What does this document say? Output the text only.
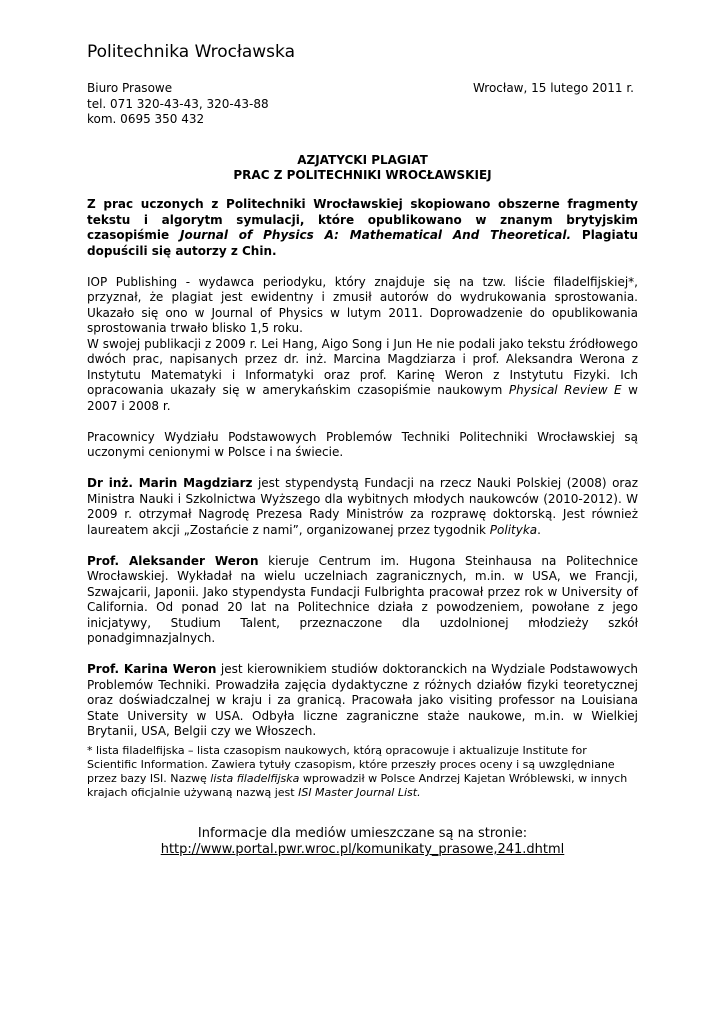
Politechnika Wrocławska
Biuro Prasowe
tel. 071 320-43-43, 320-43-88
kom. 0695 350 432
Wrocław, 15 lutego 2011 r.
AZJATYCKI PLAGIAT
PRAC Z POLITECHNIKI WROCŁAWSKIEJ

Z prac uczonych z Politechniki Wrocławskiej skopiowano obszerne fragmenty tekstu i algorytm symulacji, które opublikowano w znanym brytyjskim czasopiśmie Journal of Physics A: Mathematical And Theoretical. Plagiatu dopuścili się autorzy z Chin.

IOP Publishing - wydawca periodyku, który znajduje się na tzw. liście filadelfijskiej*, przyznał, że plagiat jest ewidentny i zmusił autorów do wydrukowania sprostowania. Ukazało się ono w Journal of Physics w lutym 2011. Doprowadzenie do opublikowania sprostowania trwało blisko 1,5 roku.

W swojej publikacji z 2009 r. Lei Hang, Aigo Song i Jun He nie podali jako tekstu źródłowego dwóch prac, napisanych przez dr. inż. Marcina Magdziarza i prof. Aleksandra Werona z Instytutu Matematyki i Informatyki oraz prof. Karinę Weron z Instytutu Fizyki. Ich opracowania ukazały się w amerykańskim czasopiśmie naukowym Physical Review E w 2007 i 2008 r.

Pracownicy Wydziału Podstawowych Problemów Techniki Politechniki Wrocławskiej są uczonymi cenionymi w Polsce i na świecie.

Dr inż. Marin Magdziarz jest stypendystą Fundacji na rzecz Nauki Polskiej (2008) oraz Ministra Nauki i Szkolnictwa Wyższego dla wybitnych młodych naukowców (2010-2012). W 2009 r. otrzymał Nagrodę Prezesa Rady Ministrów za rozprawę doktorską. Jest również laureatem akcji „Zostańcie z nami”, organizowanej przez tygodnik Polityka.

Prof. Aleksander Weron kieruje Centrum im. Hugona Steinhausa na Politechnice Wrocławskiej. Wykładał na wielu uczelniach zagranicznych, m.in. w USA, we Francji, Szwajcarii, Japonii. Jako stypendysta Fundacji Fulbrighta pracował przez rok w University of California. Od ponad 20 lat na Politechnice działa z powodzeniem, powołane z jego inicjatywy, Studium Talent, przeznaczone dla uzdolnionej młodzieży szkół ponadgimnazjalnych.

Prof. Karina Weron jest kierownikiem studiów doktoranckich na Wydziale Podstawowych Problemów Techniki. Prowadziła zajęcia dydaktyczne z różnych działów fizyki teoretycznej oraz doświadczalnej w kraju i za granicą. Pracowała jako visiting professor na Louisiana State University w USA. Odbyła liczne zagraniczne staże naukowe, m.in. w Wielkiej Brytanii, USA, Belgii czy we Włoszech.

* lista filadelfijska – lista czasopism naukowych, którą opracowuje i aktualizuje Institute for Scientific Information. Zawiera tytuły czasopism, które przeszły proces oceny i są uwzględniane przez bazy ISI. Nazwę lista filadelfijska wprowadził w Polsce Andrzej Kajetan Wróblewski, w innych krajach oficjalnie używaną nazwą jest ISI Master Journal List.

Informacje dla mediów umieszczane są na stronie:
http://www.portal.pwr.wroc.pl/komunikaty_prasowe,241.dhtml
